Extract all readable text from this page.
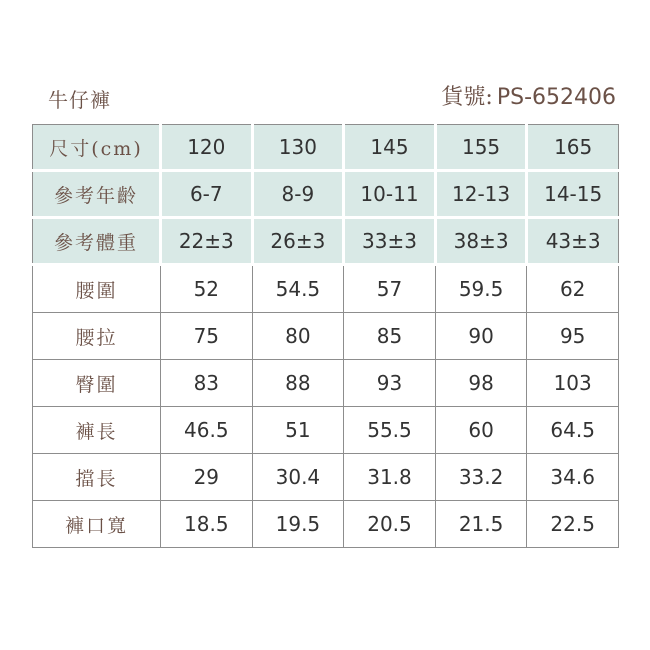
牛仔褲	貨號: PS-652406
尺寸(cm)	120	130	145	155	165
參考年齡	6-7	8-9	10-11	12-13	14-15
參考體重	22±3	26±3	33±3	38±3	43±3
腰圍	52	54.5	57	59.5	62
腰拉	75	80	85	90	95
臀圍	83	88	93	98	103
褲長	46.5	51	55.5	60	64.5
擋長	29	30.4	31.8	33.2	34.6
褲口寬	18.5	19.5	20.5	21.5	22.5
